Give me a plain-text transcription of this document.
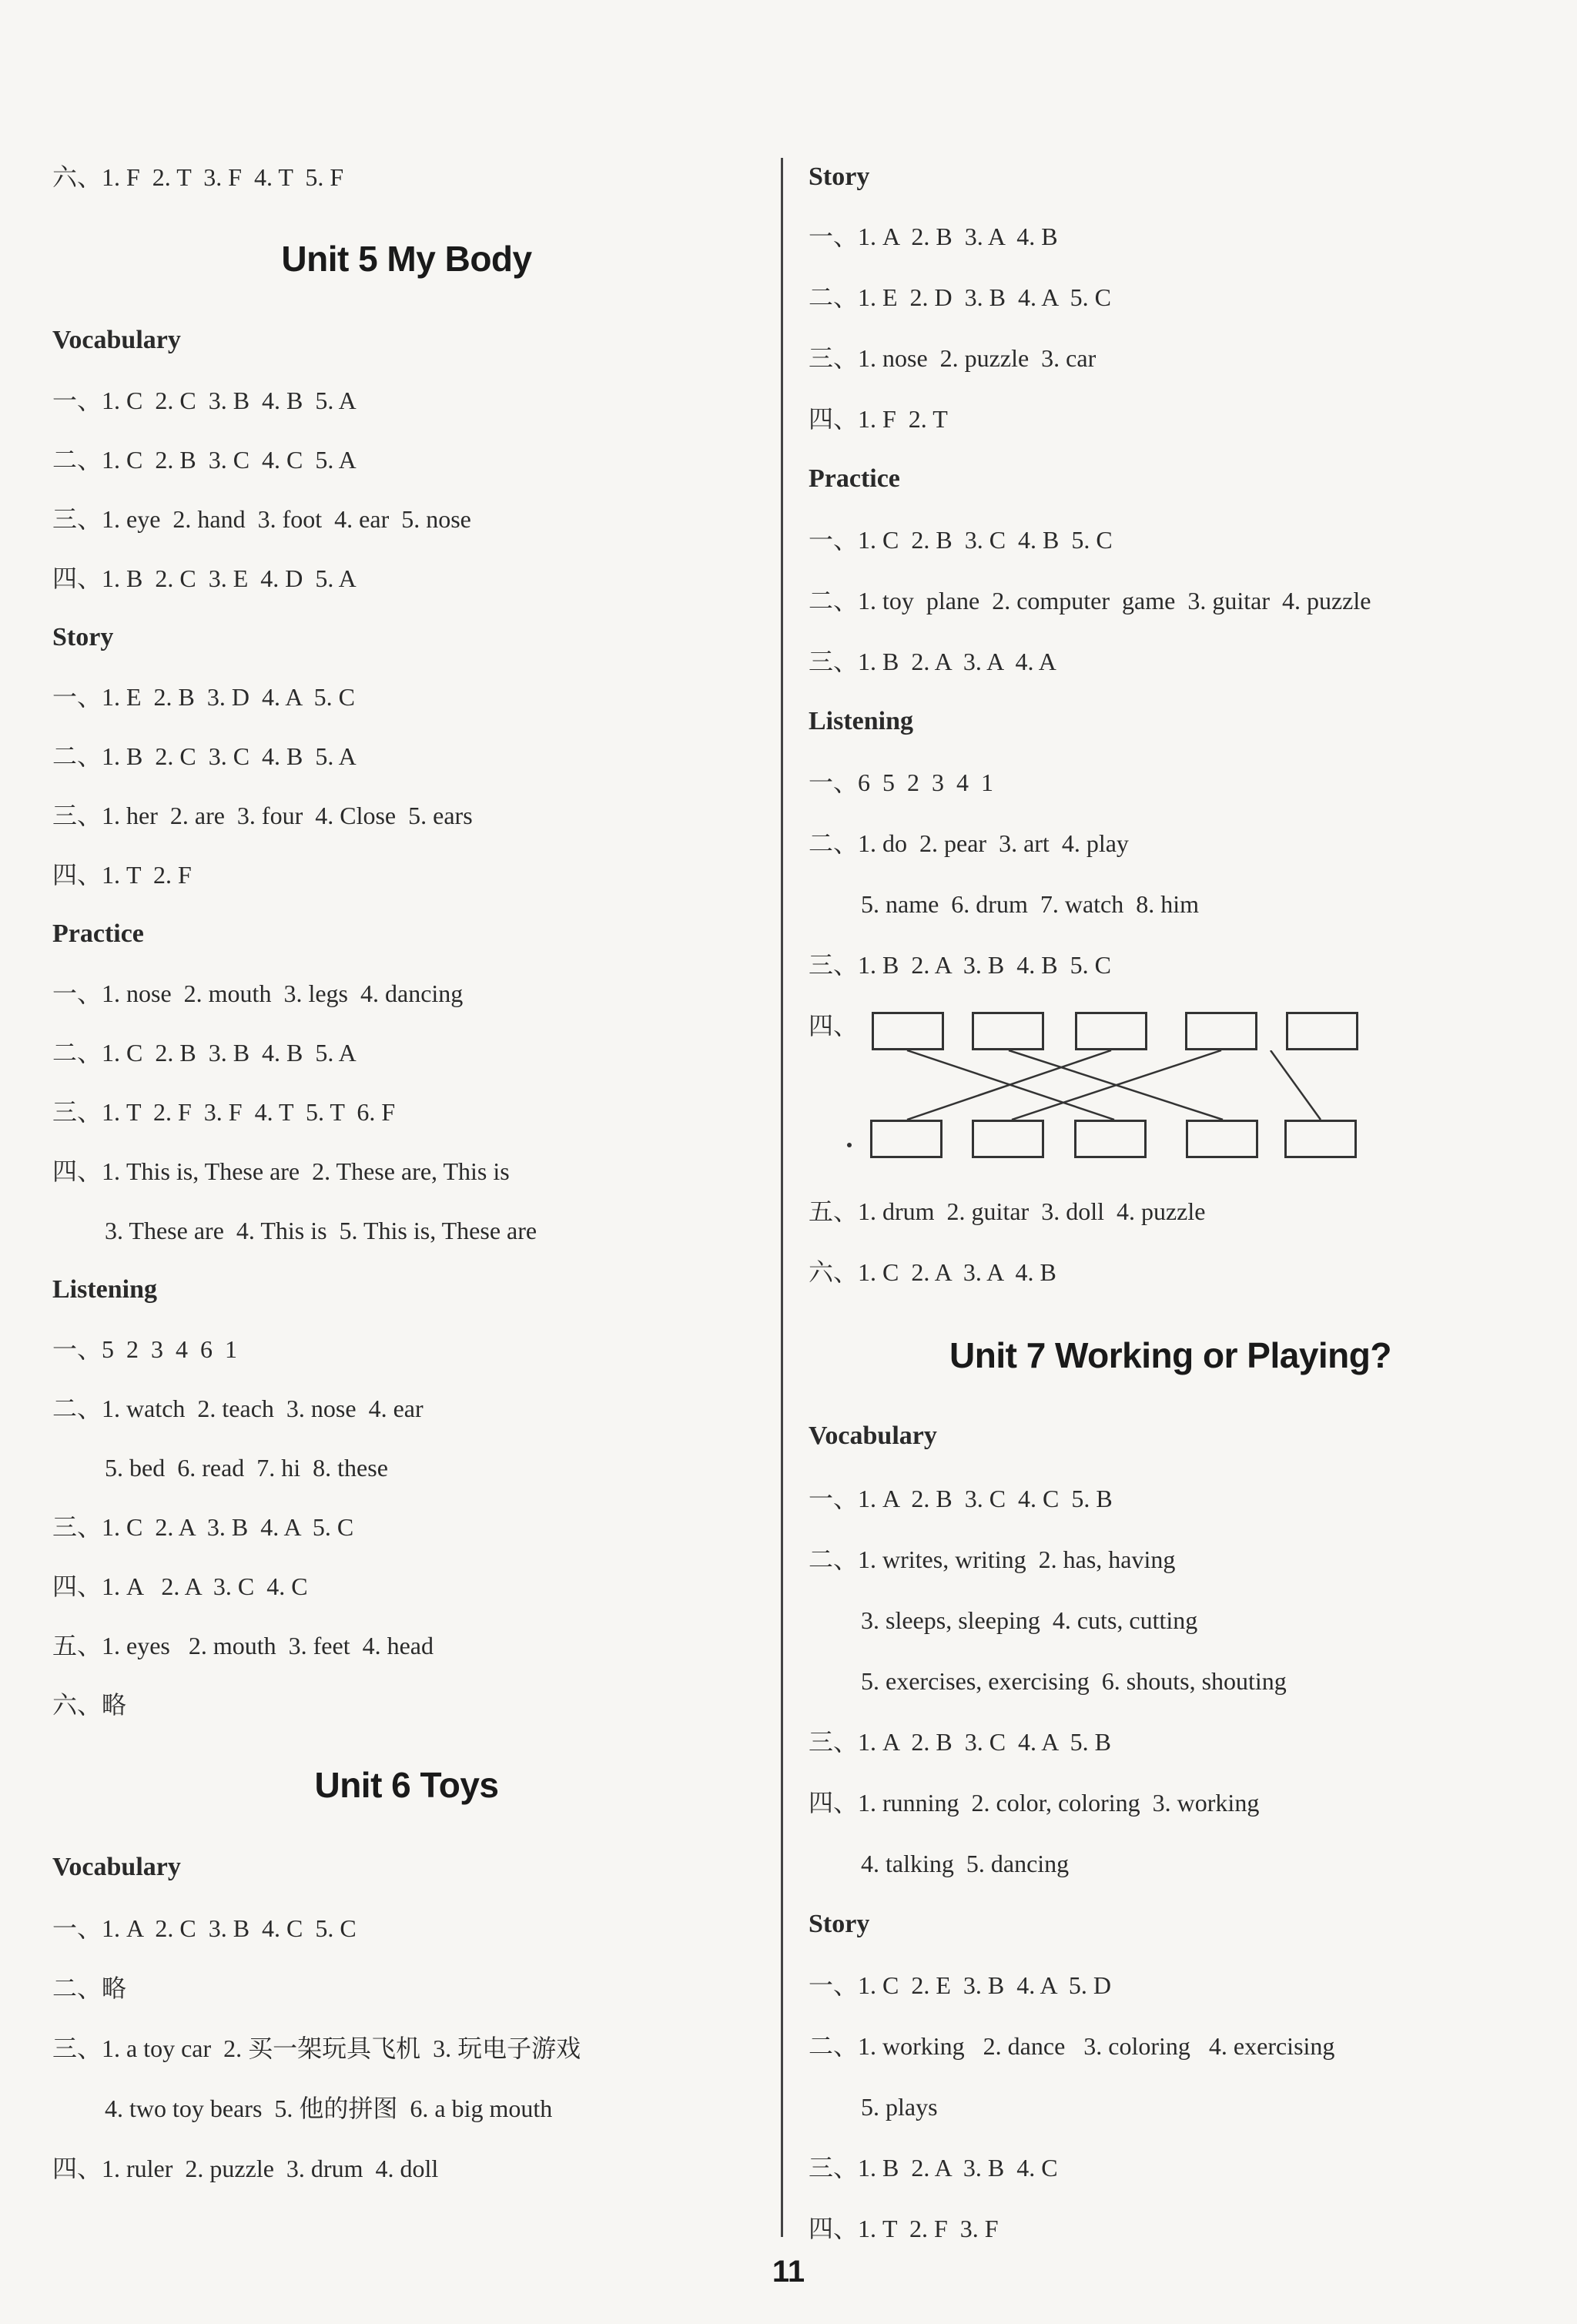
六、1. F  2. T  3. F  4. T  5. F
Unit 5 My Body
Vocabulary
一、1. C  2. C  3. B  4. B  5. A
二、1. C  2. B  3. C  4. C  5. A
三、1. eye  2. hand  3. foot  4. ear  5. nose
四、1. B  2. C  3. E  4. D  5. A
Story
一、1. E  2. B  3. D  4. A  5. C
二、1. B  2. C  3. C  4. B  5. A
三、1. her  2. are  3. four  4. Close  5. ears
四、1. T  2. F
Practice
一、1. nose  2. mouth  3. legs  4. dancing
二、1. C  2. B  3. B  4. B  5. A
三、1. T  2. F  3. F  4. T  5. T  6. F
四、1. This is, These are  2. These are, This is
3. These are  4. This is  5. This is, These are
Listening
一、5  2  3  4  6  1
二、1. watch  2. teach  3. nose  4. ear
5. bed  6. read  7. hi  8. these
三、1. C  2. A  3. B  4. A  5. C
四、1. A   2. A  3. C  4. C
五、1. eyes   2. mouth  3. feet  4. head
六、略
Unit 6 Toys
Vocabulary
一、1. A  2. C  3. B  4. C  5. C
二、略
三、1. a toy car  2. 买一架玩具飞机  3. 玩电子游戏
4. two toy bears  5. 他的拼图  6. a big mouth
四、1. ruler  2. puzzle  3. drum  4. doll
Story
一、1. A  2. B  3. A  4. B
二、1. E  2. D  3. B  4. A  5. C
三、1. nose  2. puzzle  3. car
四、1. F  2. T
Practice
一、1. C  2. B  3. C  4. B  5. C
二、1. toy  plane  2. computer  game  3. guitar  4. puzzle
三、1. B  2. A  3. A  4. A
Listening
一、6  5  2  3  4  1
二、1. do  2. pear  3. art  4. play
5. name  6. drum  7. watch  8. him
三、1. B  2. A  3. B  4. B  5. C
四、
五、1. drum  2. guitar  3. doll  4. puzzle
六、1. C  2. A  3. A  4. B
Unit 7 Working or Playing?
Vocabulary
一、1. A  2. B  3. C  4. C  5. B
二、1. writes, writing  2. has, having
3. sleeps, sleeping  4. cuts, cutting
5. exercises, exercising  6. shouts, shouting
三、1. A  2. B  3. C  4. A  5. B
四、1. running  2. color, coloring  3. working
4. talking  5. dancing
Story
一、1. C  2. E  3. B  4. A  5. D
二、1. working   2. dance   3. coloring   4. exercising
5. plays
三、1. B  2. A  3. B  4. C
四、1. T  2. F  3. F
11
